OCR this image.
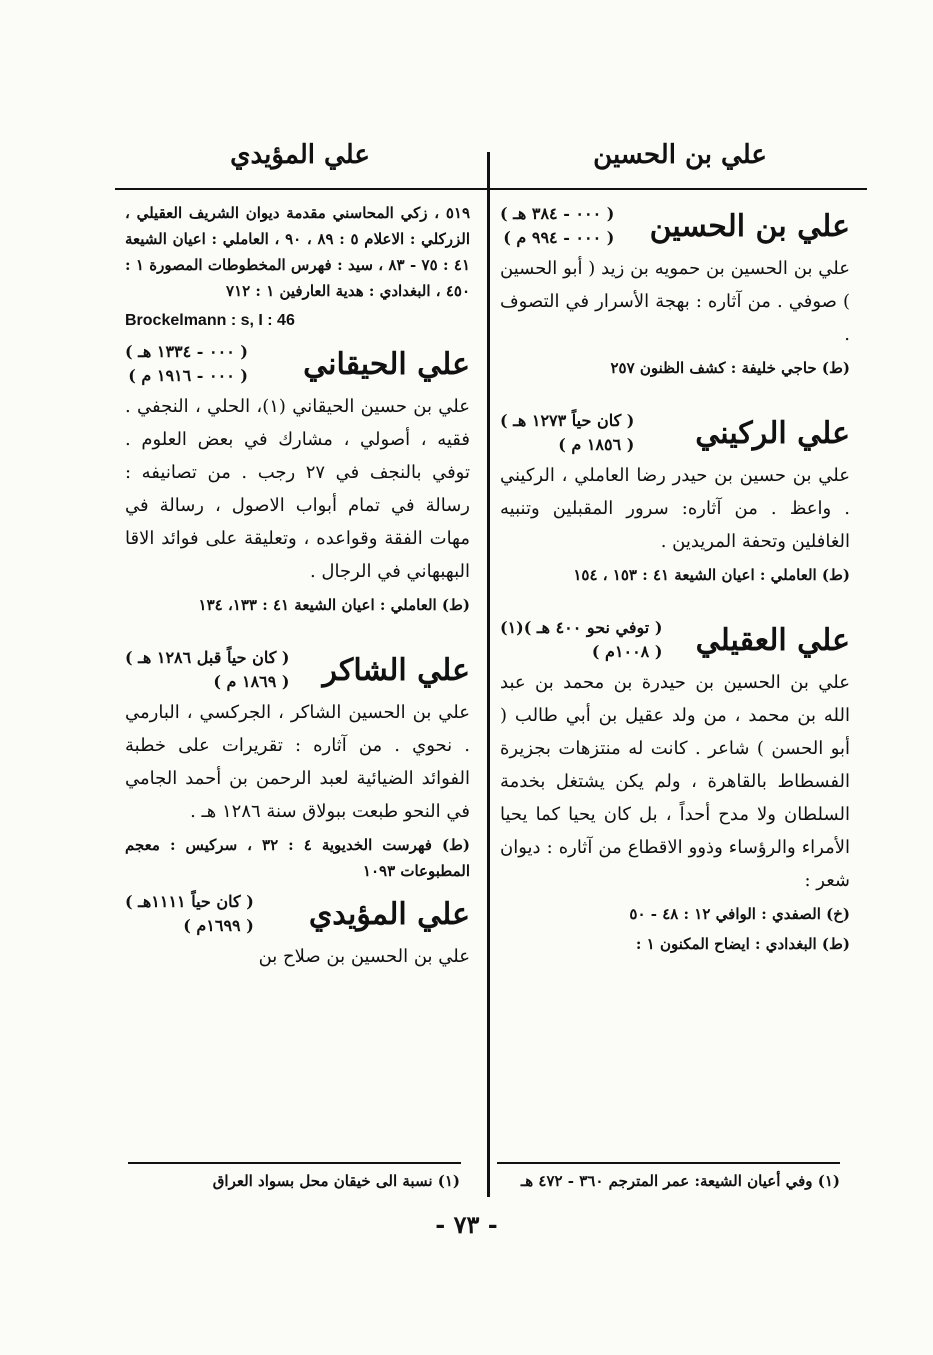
علي بن الحسين
علي المؤيدي
علي بن الحسين
( ٠٠٠ - ٣٨٤ هـ )
( ٠٠٠ - ٩٩٤ م )

علي بن الحسين بن حمويه بن زيد ( أبو الحسين ) صوفي . من آثاره : بهجة الأسرار في التصوف .

(ط) حاجي خليفة : كشف الظنون ٢٥٧

علي الركيني
( كان حياً ١٢٧٣ هـ )
( ١٨٥٦ م )

علي بن حسين بن حيدر رضا العاملي ، الركيني . واعظ . من آثاره: سرور المقبلين وتنبيه الغافلين وتحفة المريدين .

(ط) العاملي : اعيان الشيعة ٤١ : ١٥٣ ، ١٥٤

علي العقيلي
( توفي نحو ٤٠٠ هـ )(١)
( ١٠٠٨م )

علي بن الحسين بن حيدرة بن محمد بن عبد الله بن محمد ، من ولد عقيل بن أبي طالب ( أبو الحسن ) شاعر . كانت له منتزهات بجزيرة الفسطاط بالقاهرة ، ولم يكن يشتغل بخدمة السلطان ولا مدح أحداً ، بل كان يحيا كما يحيا الأمراء والرؤساء وذوو الاقطاع من آثاره : ديوان شعر :

(خ) الصفدي : الوافي ١٢ : ٤٨ - ٥٠

(ط) البغدادي : ايضاح المكنون ١ :

٥١٩ ، زكي المحاسني مقدمة ديوان الشريف العقيلي ، الزركلي : الاعلام ٥ : ٨٩ ، ٩٠ ، العاملي : اعيان الشيعة ٤١ : ٧٥ - ٨٣ ، سيد : فهرس المخطوطات المصورة ١ : ٤٥٠ ، البغدادي : هدية العارفين ١ : ٧١٢

Brockelmann : s, I : 46

علي الحيقاني
( ٠٠٠ - ١٣٣٤ هـ )
( ٠٠٠ - ١٩١٦ م )

علي بن حسين الحيقاني (١)، الحلي ، النجفي . فقيه ، أصولي ، مشارك في بعض العلوم . توفي بالنجف في ٢٧ رجب . من تصانيفه : رسالة في تمام أبواب الاصول ، رسالة في مهات الفقة وقواعده ، وتعليقة على فوائد الاقا البهبهاني في الرجال .

(ط) العاملي : اعيان الشيعة ٤١ : ١٣٣، ١٣٤

علي الشاكر
( كان حياً قبل ١٢٨٦ هـ )
( ١٨٦٩ م )

علي بن الحسين الشاكر ، الجركسي ، البارمي . نحوي . من آثاره : تقريرات على خطبة الفوائد الضيائية لعبد الرحمن بن أحمد الجامي في النحو طبعت ببولاق سنة ١٢٨٦ هـ .

(ط) فهرست الخديوية ٤ : ٣٢ ، سركيس : معجم المطبوعات ١٠٩٣

علي المؤيدي
( كان حياً ١١١١هـ )
( ١٦٩٩م )

علي بن الحسين بن صلاح بن

(١) وفي أعيان الشيعة: عمر المترجم ٣٦٠ - ٤٧٢ هـ
(١) نسبة الى خيقان محل بسواد العراق
- ٧٣ -
